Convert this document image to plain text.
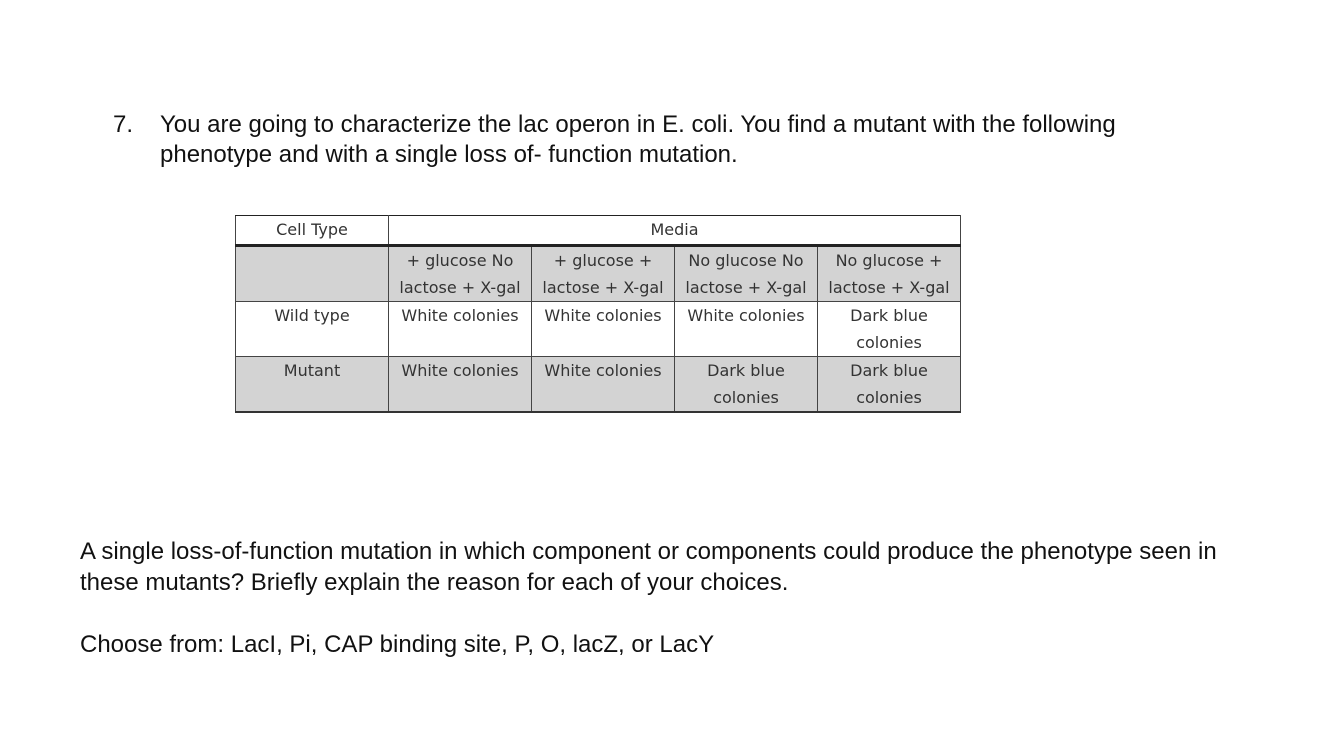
7.	You are going to characterize the lac operon in E. coli. You find a mutant with the following phenotype and with a single loss of- function mutation.
Cell Type	Media			
	+ glucose No lactose + X-gal	+ glucose + lactose + X-gal	No glucose No lactose + X-gal	No glucose + lactose + X-gal
Wild type	White colonies	White colonies	White colonies	Dark blue colonies
Mutant	White colonies	White colonies	Dark blue colonies	Dark blue colonies
A single loss-of-function mutation in which component or components could produce the phenotype seen in these mutants? Briefly explain the reason for each of your choices.
Choose from: LacI, Pi, CAP binding site, P, O, lacZ, or LacY
